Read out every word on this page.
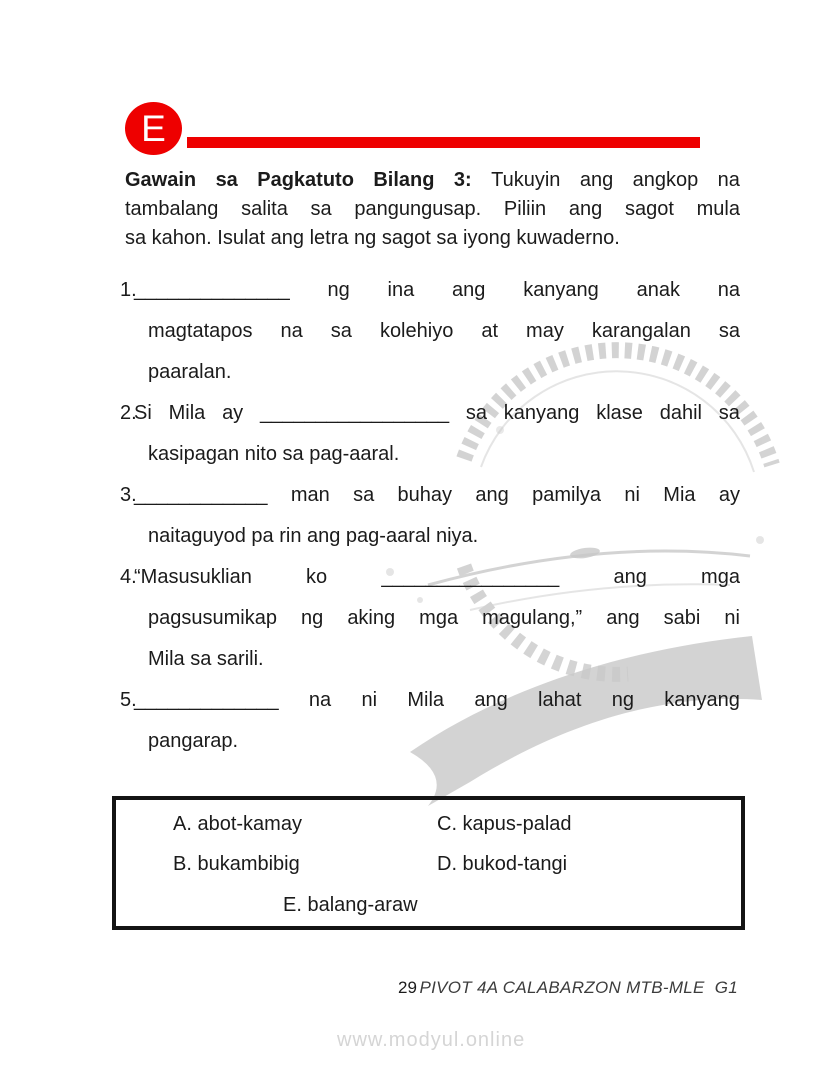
E
Gawain sa Pagkatuto Bilang 3: Tukuyin ang angkop na
tambalang salita sa pangungusap. Piliin ang sagot mula
sa kahon. Isulat ang letra ng sagot sa iyong kuwaderno.
1.
______________ ng ina ang kanyang anak na
magtatapos na sa kolehiyo at may karangalan sa
paaralan.
2.
Si Mila ay _________________ sa kanyang klase dahil sa
kasipagan nito sa pag-aaral.
3.
____________ man sa buhay ang pamilya ni Mia ay
naitaguyod pa rin ang pag-aaral niya.
4.
“Masusuklian	ko	________________	ang	mga
pagsusumikap ng aking mga magulang,” ang sabi ni
Mila sa sarili.
5.
_____________ na ni Mila ang lahat ng kanyang
pangarap.
A. abot-kamay
B. bukambibig
C. kapus-palad
D. bukod-tangi
E. balang-araw
29 PIVOT 4A CALABARZON MTB-MLE  G1
www.modyul.online
